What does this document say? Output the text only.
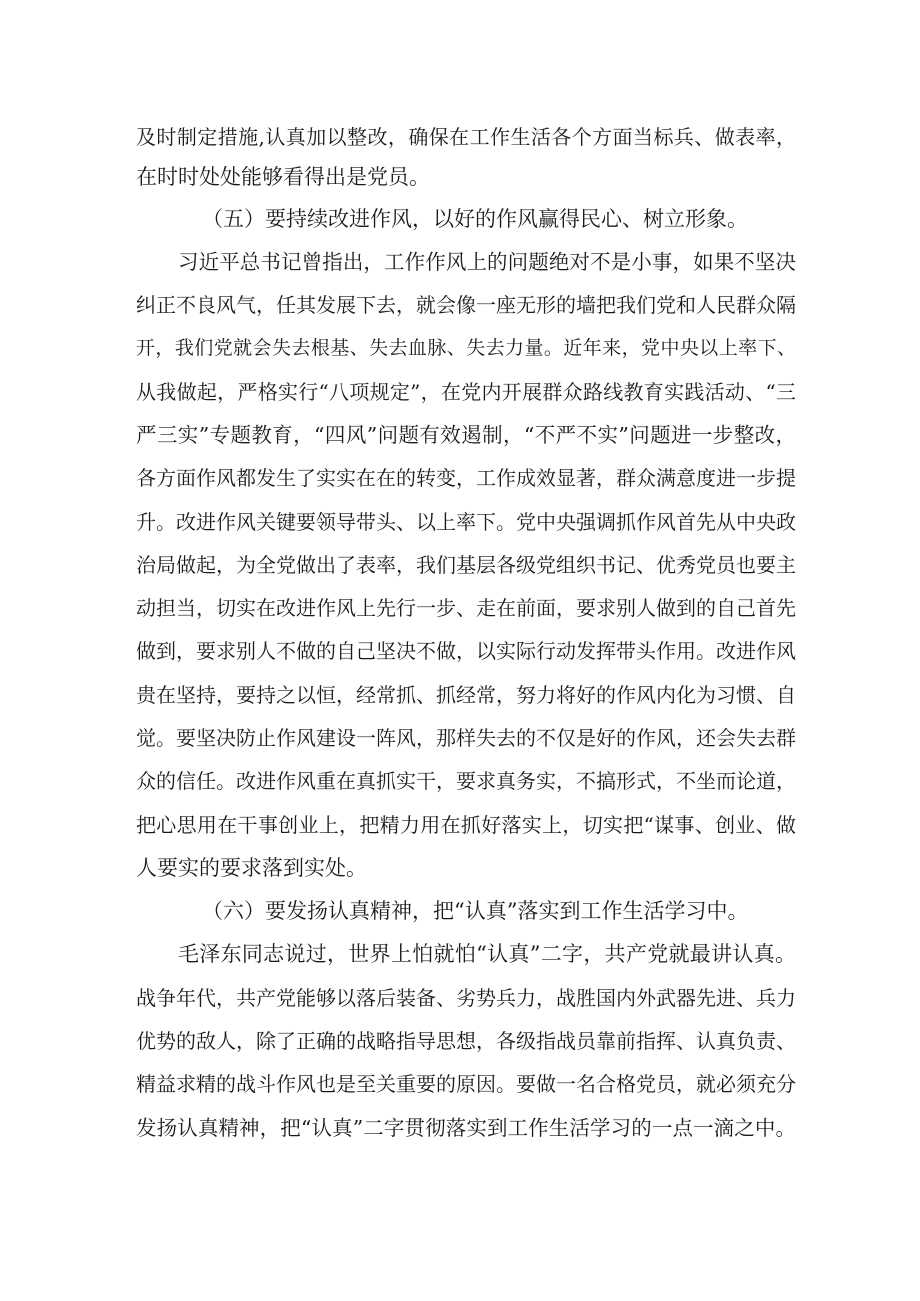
及时制定措施,认真加以整改，确保在工作生活各个方面当标兵、做表率，
在时时处处能够看得出是党员。
（五）要持续改进作风，以好的作风赢得民心、树立形象。
习近平总书记曾指出，工作作风上的问题绝对不是小事，如果不坚决
纠正不良风气，任其发展下去，就会像一座无形的墙把我们党和人民群众隔
开，我们党就会失去根基、失去血脉、失去力量。近年来，党中央以上率下、
从我做起，严格实行“八项规定”，在党内开展群众路线教育实践活动、“三
严三实”专题教育，“四风”问题有效遏制，“不严不实”问题进一步整改，
各方面作风都发生了实实在在的转变，工作成效显著，群众满意度进一步提
升。改进作风关键要领导带头、以上率下。党中央强调抓作风首先从中央政
治局做起，为全党做出了表率，我们基层各级党组织书记、优秀党员也要主
动担当，切实在改进作风上先行一步、走在前面，要求别人做到的自己首先
做到，要求别人不做的自己坚决不做，以实际行动发挥带头作用。改进作风
贵在坚持，要持之以恒，经常抓、抓经常，努力将好的作风内化为习惯、自
觉。要坚决防止作风建设一阵风，那样失去的不仅是好的作风，还会失去群
众的信任。改进作风重在真抓实干，要求真务实，不搞形式，不坐而论道，
把心思用在干事创业上，把精力用在抓好落实上，切实把“谋事、创业、做
人要实的要求落到实处。
（六）要发扬认真精神，把“认真”落实到工作生活学习中。
毛泽东同志说过，世界上怕就怕“认真”二字，共产党就最讲认真。
战争年代，共产党能够以落后装备、劣势兵力，战胜国内外武器先进、兵力
优势的敌人，除了正确的战略指导思想，各级指战员靠前指挥、认真负责、
精益求精的战斗作风也是至关重要的原因。要做一名合格党员，就必须充分
发扬认真精神，把“认真”二字贯彻落实到工作生活学习的一点一滴之中。
